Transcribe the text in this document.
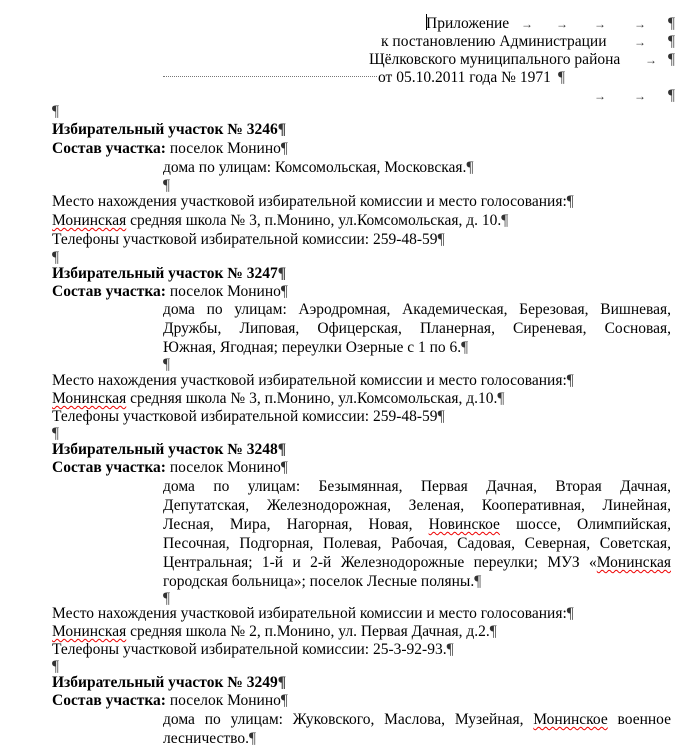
Приложение → → → → ¶
к постановлению Администрации → ¶
Щёлковского муниципального района → ¶
от 05.10.2011 года № 1971 ¶
→ → ¶
¶
Избирательный участок № 3246¶
Состав участка: поселок Монино¶
дома по улицам: Комсомольская, Московская.¶
¶
Место нахождения участковой избирательной комиссии и место голосования:¶
Монинская средняя школа № 3, п.Монино, ул.Комсомольская, д. 10.¶
Телефоны участковой избирательной комиссии: 259-48-59¶
¶
Избирательный участок № 3247¶
Состав участка: поселок Монино¶
дома по улицам: Аэродромная, Академическая, Березовая, Вишневая,
Дружбы, Липовая, Офицерская, Планерная, Сиреневая, Сосновая,
Южная, Ягодная; переулки Озерные с 1 по 6.¶
¶
Место нахождения участковой избирательной комиссии и место голосования:¶
Монинская средняя школа № 3, п.Монино, ул.Комсомольская, д.10.¶
Телефоны участковой избирательной комиссии: 259-48-59¶
¶
Избирательный участок № 3248¶
Состав участка: поселок Монино¶
дома по улицам: Безымянная, Первая Дачная, Вторая Дачная,
Депутатская, Железнодорожная, Зеленая, Кооперативная, Линейная,
Лесная, Мира, Нагорная, Новая, Новинское шоссе, Олимпийская,
Песочная, Подгорная, Полевая, Рабочая, Садовая, Северная, Советская,
Центральная; 1-й и 2-й Железнодорожные переулки; МУЗ «Монинская
городская больница»; поселок Лесные поляны.¶
¶
Место нахождения участковой избирательной комиссии и место голосования:¶
Монинская средняя школа № 2, п.Монино, ул. Первая Дачная, д.2.¶
Телефоны участковой избирательной комиссии: 25-3-92-93.¶
¶
Избирательный участок № 3249¶
Состав участка: поселок Монино¶
дома по улицам: Жуковского, Маслова, Музейная, Монинское военное
лесничество.¶
